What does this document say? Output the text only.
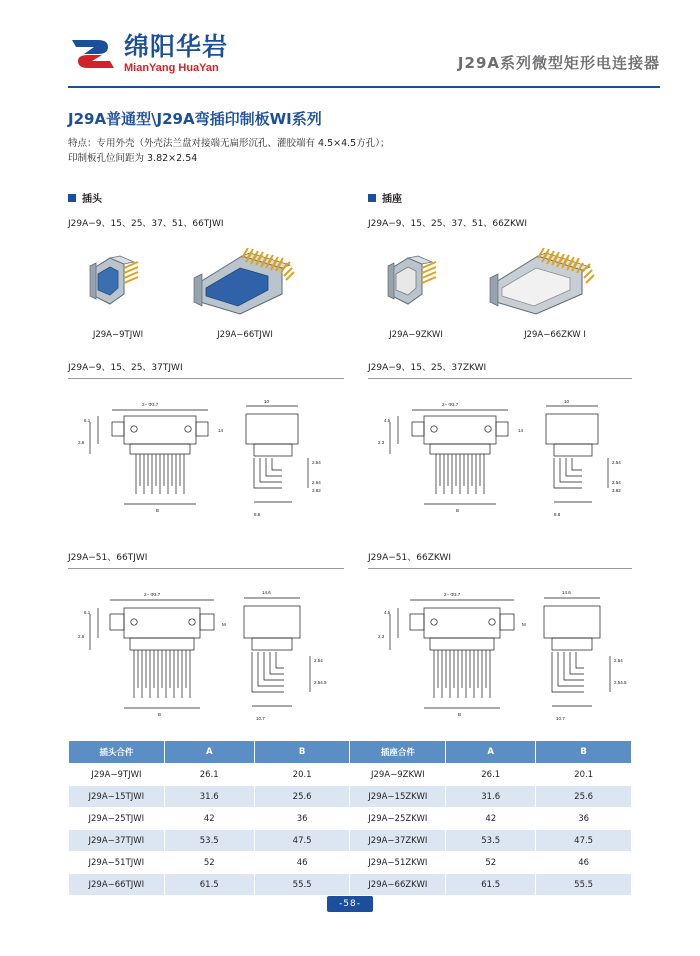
绵阳华岩
MianYang HuaYan	J29A系列微型矩形电连接器
J29A普通型\J29A弯插印制板WⅠ系列
特点：专用外壳（外壳法兰盘对接端无扁形沉孔、灌胶端有 4.5×4.5方孔）；
印制板孔位间距为 3.82×2.54
插头
J29A−9、15、25、37、51、66TJWI
插座
J29A−9、15、25、37、51、66ZKWI
J29A−9TJWI	J29A−66TJWI	J29A−9ZKWI	J29A−66ZKW Ⅰ
J29A−9、15、25、37TJWI	J29A−9、15、25、37ZKWI
2− Φ3.7
6.1
2.6
14
B
8.8
10
2.54
2.54
3.82
2− Φ3.7
4.5
2.3
14
B
8.8
10
2.54
2.54
3.82
J29A−51、66TJWI	J29A−51、66ZKWI
2− Φ3.7
6.1
2.6
M
B
10.7
14.6
2.54
2.54.5
2− Φ3.7
4.5
2.3
M
B
10.7
14.6
2.54
2.54.5
插头合件	A	B	插座合件	A	B
J29A−9TJWI	26.1	20.1	J29A−9ZKWI	26.1	20.1
J29A−15TJWI	31.6	25.6	J29A−15ZKWI	31.6	25.6
J29A−25TJWI	42	36	J29A−25ZKWI	42	36
J29A−37TJWI	53.5	47.5	J29A−37ZKWI	53.5	47.5
J29A−51TJWI	52	46	J29A−51ZKWI	52	46
J29A−66TJWI	61.5	55.5	J29A−66ZKWI	61.5	55.5
-58-
